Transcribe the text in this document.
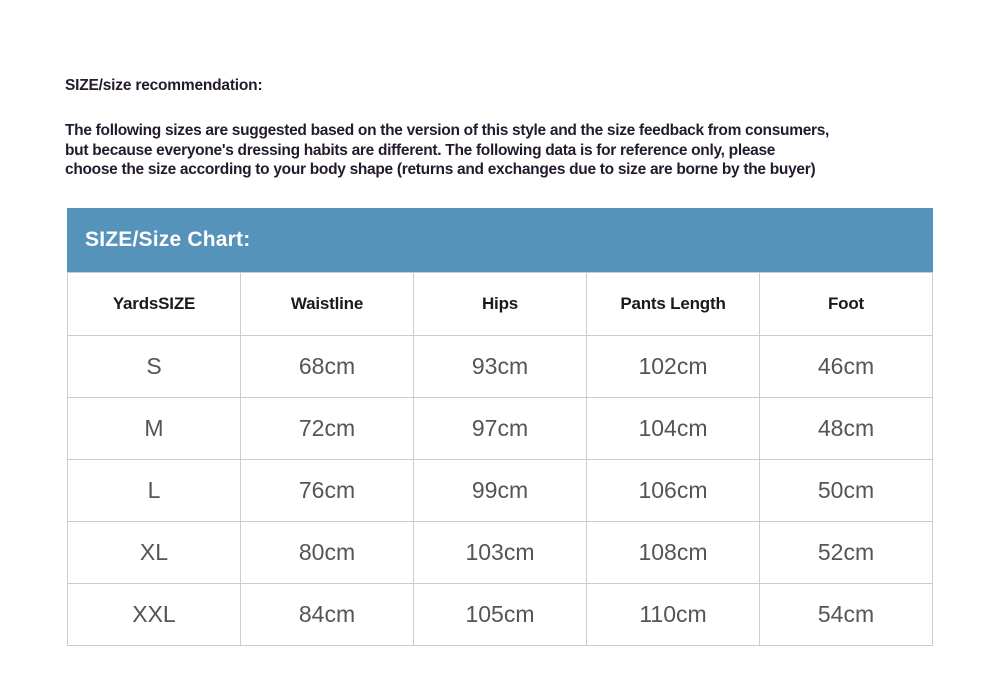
SIZE/size recommendation:
The following sizes are suggested based on the version of this style and the size feedback from consumers,
but because everyone's dressing habits are different. The following data is for reference only, please
choose the size according to your body shape (returns and exchanges due to size are borne by the buyer)
SIZE/Size Chart:
YardsSIZE	Waistline	Hips	Pants Length	Foot
S	68cm	93cm	102cm	46cm
M	72cm	97cm	104cm	48cm
L	76cm	99cm	106cm	50cm
XL	80cm	103cm	108cm	52cm
XXL	84cm	105cm	110cm	54cm
